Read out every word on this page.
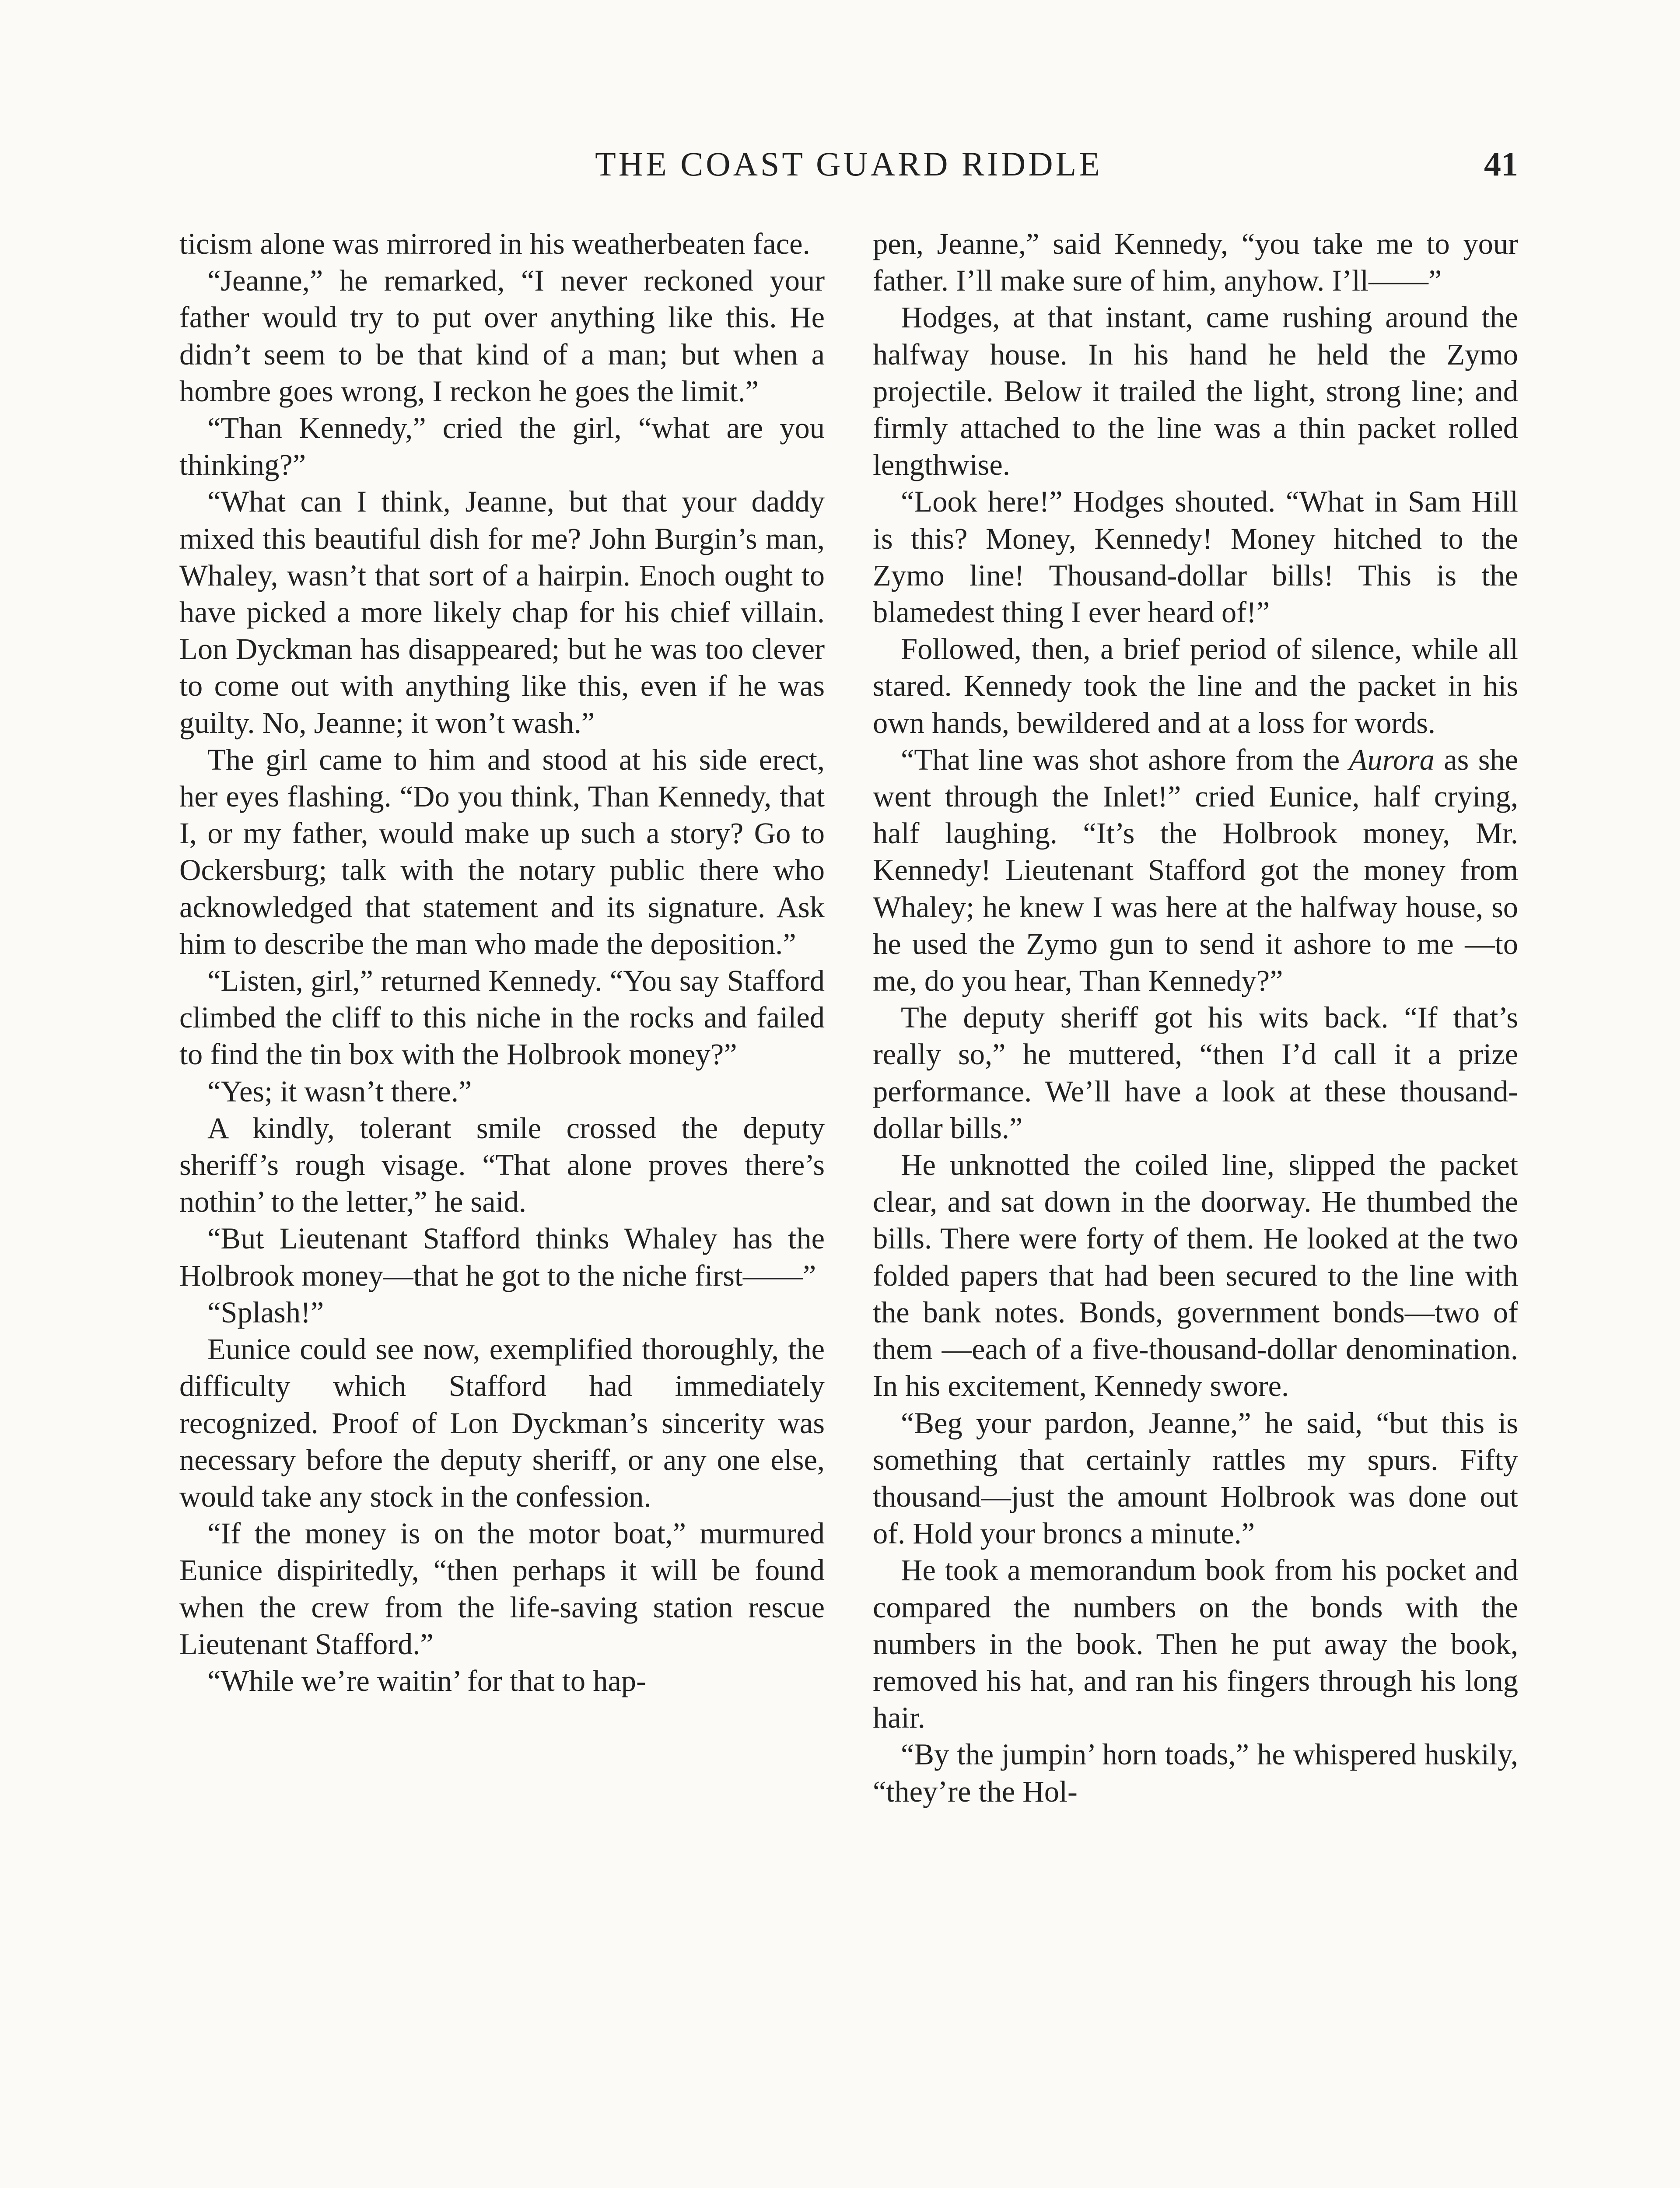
THE COAST GUARD RIDDLE	41

ticism alone was mirrored in his weatherbeaten face.

“Jeanne,” he remarked, “I never reckoned your father would try to put over anything like this. He didn’t seem to be that kind of a man; but when a hombre goes wrong, I reckon he goes the limit.”

“Than Kennedy,” cried the girl, “what are you thinking?”

“What can I think, Jeanne, but that your daddy mixed this beautiful dish for me? John Burgin’s man, Whaley, wasn’t that sort of a hairpin. Enoch ought to have picked a more likely chap for his chief villain. Lon Dyckman has disappeared; but he was too clever to come out with anything like this, even if he was guilty. No, Jeanne; it won’t wash.”

The girl came to him and stood at his side erect, her eyes flashing. “Do you think, Than Kennedy, that I, or my father, would make up such a story? Go to Ockersburg; talk with the notary public there who acknowledged that statement and its signature. Ask him to describe the man who made the deposition.”

“Listen, girl,” returned Kennedy. “You say Stafford climbed the cliff to this niche in the rocks and failed to find the tin box with the Holbrook money?”

“Yes; it wasn’t there.”

A kindly, tolerant smile crossed the deputy sheriff’s rough visage. “That alone proves there’s nothin’ to the letter,” he said.

“But Lieutenant Stafford thinks Whaley has the Holbrook money—that he got to the niche first——”

“Splash!”

Eunice could see now, exemplified thoroughly, the difficulty which Stafford had immediately recognized. Proof of Lon Dyckman’s sincerity was necessary before the deputy sheriff, or any one else, would take any stock in the confession.

“If the money is on the motor boat,” murmured Eunice dispiritedly, “then perhaps it will be found when the crew from the life-saving station rescue Lieutenant Stafford.”

“While we’re waitin’ for that to hap-

pen, Jeanne,” said Kennedy, “you take me to your father. I’ll make sure of him, anyhow. I’ll——”

Hodges, at that instant, came rushing around the halfway house. In his hand he held the Zymo projectile. Below it trailed the light, strong line; and firmly attached to the line was a thin packet rolled lengthwise.

“Look here!” Hodges shouted. “What in Sam Hill is this? Money, Kennedy! Money hitched to the Zymo line! Thousand-dollar bills! This is the blamedest thing I ever heard of!”

Followed, then, a brief period of silence, while all stared. Kennedy took the line and the packet in his own hands, bewildered and at a loss for words.

“That line was shot ashore from the Aurora as she went through the Inlet!” cried Eunice, half crying, half laughing. “It’s the Holbrook money, Mr. Kennedy! Lieutenant Stafford got the money from Whaley; he knew I was here at the halfway house, so he used the Zymo gun to send it ashore to me —to me, do you hear, Than Kennedy?”

The deputy sheriff got his wits back. “If that’s really so,” he muttered, “then I’d call it a prize performance. We’ll have a look at these thousand-dollar bills.”

He unknotted the coiled line, slipped the packet clear, and sat down in the doorway. He thumbed the bills. There were forty of them. He looked at the two folded papers that had been secured to the line with the bank notes. Bonds, government bonds—two of them —each of a five-thousand-dollar denomination. In his excitement, Kennedy swore.

“Beg your pardon, Jeanne,” he said, “but this is something that certainly rattles my spurs. Fifty thousand—just the amount Holbrook was done out of. Hold your broncs a minute.”

He took a memorandum book from his pocket and compared the numbers on the bonds with the numbers in the book. Then he put away the book, removed his hat, and ran his fingers through his long hair.

“By the jumpin’ horn toads,” he whispered huskily, “they’re the Hol-
